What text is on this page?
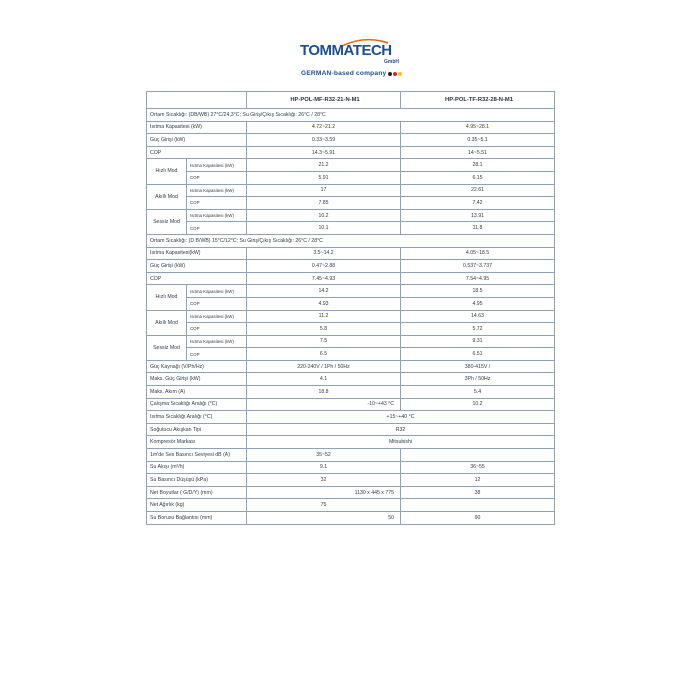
TOMMATECH
GmbH
GERMAN-based company
		HP-POL-MF-R32-21-N-M1	HP-POL-TF-R32-28-N-M1
Ortam Sıcaklığı: (DB/WB) 27°C/24,3°C; Su Giriş/Çıkış Sıcaklığı: 26°C / 28°C			
Isıtma Kapasitesi (kW)		4.72~21.2	4.95~28.1
Güç Girişi (kW)		0.33~3.59	0.35~5.1
COP		14.3~5.91	14~5.51
Hızlı Mod	Isıtma Kapasitesi (kW)	21.2	28.1
	COP	5.91	6.15
Akıllı Mod	Isıtma Kapasitesi (kW)	17	22.61
	COP	7.85	7.42
Sessiz Mod	Isıtma Kapasitesi (kW)	10.2	13.91
	COP	10.1	11.8
Ortam Sıcaklığı: (D B/WB) 15°C/12°C; Su Giriş/Çıkış Sıcaklığı: 26°C / 28°C			
Isıtma Kapasitesi(kW)		3.5~14.2	4.05~18.5
Güç Girişi (kW)		0.47~2.88	0.537~3.737
COP		7.45~4.93	7.54~4.95
Hızlı Mod	Isıtma Kapasitesi (kW)	14.2	18.5
	COP	4.93	4.95
Akıllı Mod	Isıtma Kapasitesi (kW)	11.2	14.63
	COP	5.8	5.72
Sessiz Mod	Isıtma Kapasitesi (kW)	7.5	9.31
	COP	6.5	6.51
Güç Kaynağı (V/Ph/Hz)		220-240V / 1Ph / 50Hz	380-415V /
Maks. Güç Girişi (kW)		4.1	3Ph / 50Hz
Maks. Akım (A)		18.8	5.4
Çalışma Sıcaklığı Aralığı (°C)		-10~+43 °C	10.2
Isıtma Sıcaklığı Aralığı (°C)		+15~+40 °C	
Soğutucu Akışkan Tipi		R32	
Kompresör Markası		Mitsubishi	
1m'de Ses Basıncı Seviyesi dB (A)		35~52	
Su Akışı (m³/h)		9.1	36~55
Su Basıncı Düşüşü (kPa)		32	12
Net Boyutlar ( G/D/Y) (mm)		1130 x 445 x 775	38
Net Ağırlık (kg)		75	
Su Borusu Bağlantısı (mm)		50	90
